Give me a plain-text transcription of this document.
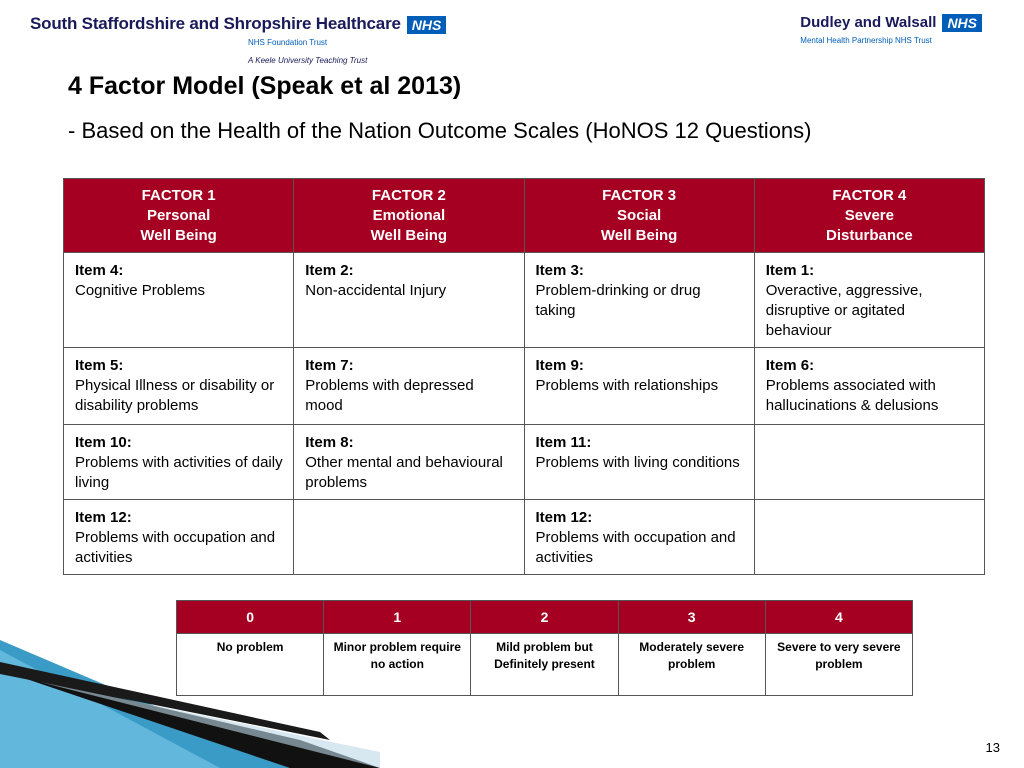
South Staffordshire and Shropshire Healthcare NHS
NHS Foundation Trust
A Keele University Teaching Trust
Dudley and Walsall NHS
Mental Health Partnership NHS Trust
4 Factor Model (Speak et al 2013)
- Based on the Health of the Nation Outcome Scales (HoNOS 12 Questions)
FACTOR 1
Personal
Well Being	FACTOR 2
Emotional
Well Being	FACTOR 3
Social
Well Being	FACTOR 4
Severe
Disturbance

Item 4:
Cognitive Problems	Item 2:
Non-accidental Injury	Item 3:
Problem-drinking or drug taking	Item 1:
Overactive, aggressive, disruptive or agitated behaviour

Item 5:
Physical Illness or disability or disability problems	Item 7:
Problems with depressed mood	Item 9:
Problems with relationships	Item 6:
Problems associated with hallucinations & delusions

Item 10:
Problems with activities of daily living	Item 8:
Other mental and behavioural problems	Item 11:
Problems with living conditions	

Item 12:
Problems with occupation and activities		Item 12:
Problems with occupation and activities	
0	1	2	3	4
No problem	Minor problem require no action	Mild problem but Definitely present	Moderately severe problem	Severe to very severe problem
13
